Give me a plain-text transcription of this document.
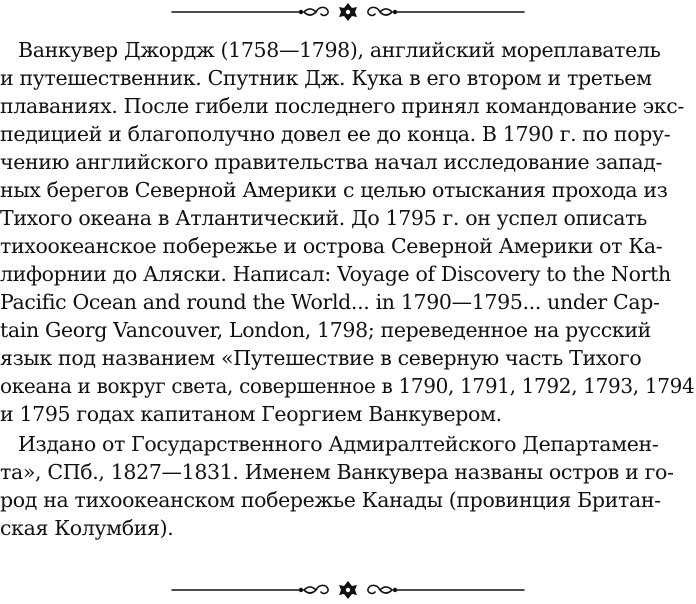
Ванкувер Джордж (1758—1798), английский мореплаватель
и путешественник. Спутник Дж. Кука в его втором и третьем
плаваниях. После гибели последнего принял командование экс-
педицией и благополучно довел ее до конца. В 1790 г. по пору-
чению английского правительства начал исследование запад-
ных берегов Северной Америки с целью отыскания прохода из
Тихого океана в Атлантический. До 1795 г. он успел описать
тихоокеанское побережье и острова Северной Америки от Ка-
лифорнии до Аляски. Написал: Voyage of Discovery to the North
Pacific Ocean and round the World... in 1790—1795... under Cap-
tain Georg Vancouver, London, 1798; переведенное на русский
язык под названием «Путешествие в северную часть Тихого
океана и вокруг света, совершенное в 1790, 1791, 1792, 1793, 1794
и 1795 годах капитаном Георгием Ванкувером.
Издано от Государственного Адмиралтейского Департамен-
та», СПб., 1827—1831. Именем Ванкувера названы остров и го-
род на тихоокеанском побережье Канады (провинция Британ-
ская Колумбия).
